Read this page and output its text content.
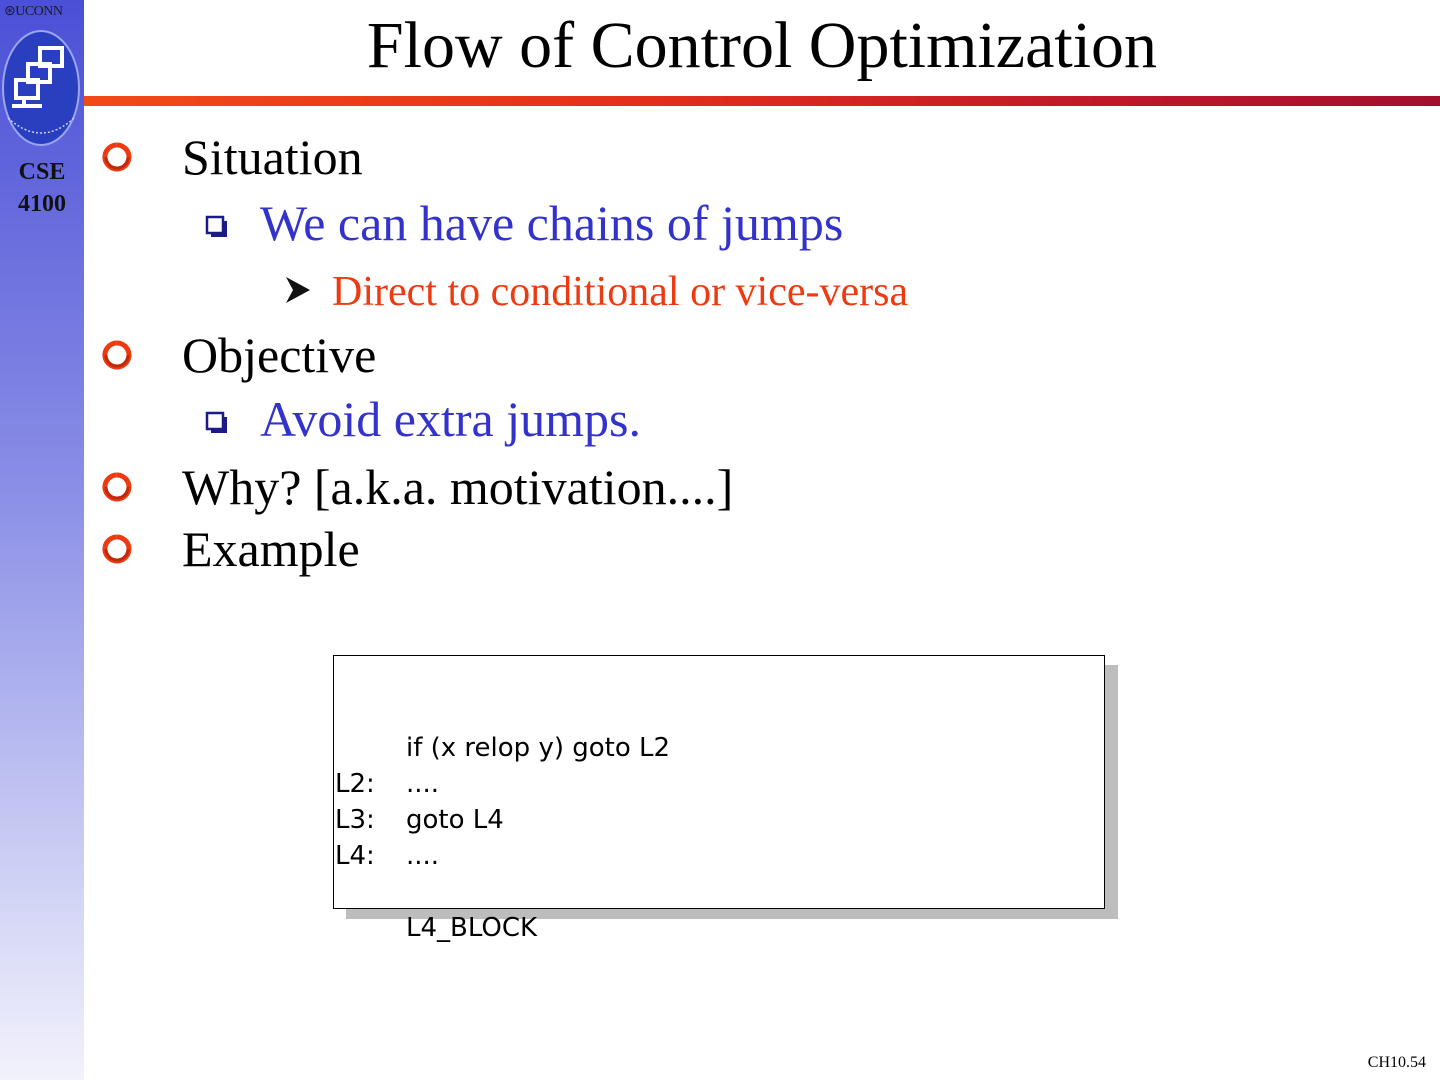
⊛UCONN
CSE
4100
Flow of Control Optimization
Situation
We can have chains of jumps
Direct to conditional or vice-versa
Objective
Avoid extra jumps.
Why? [a.k.a. motivation....]
Example

if (x relop y) goto L2

....

L2:

goto L4

L3:

....

L4:

L4_BLOCK

CH10.54
